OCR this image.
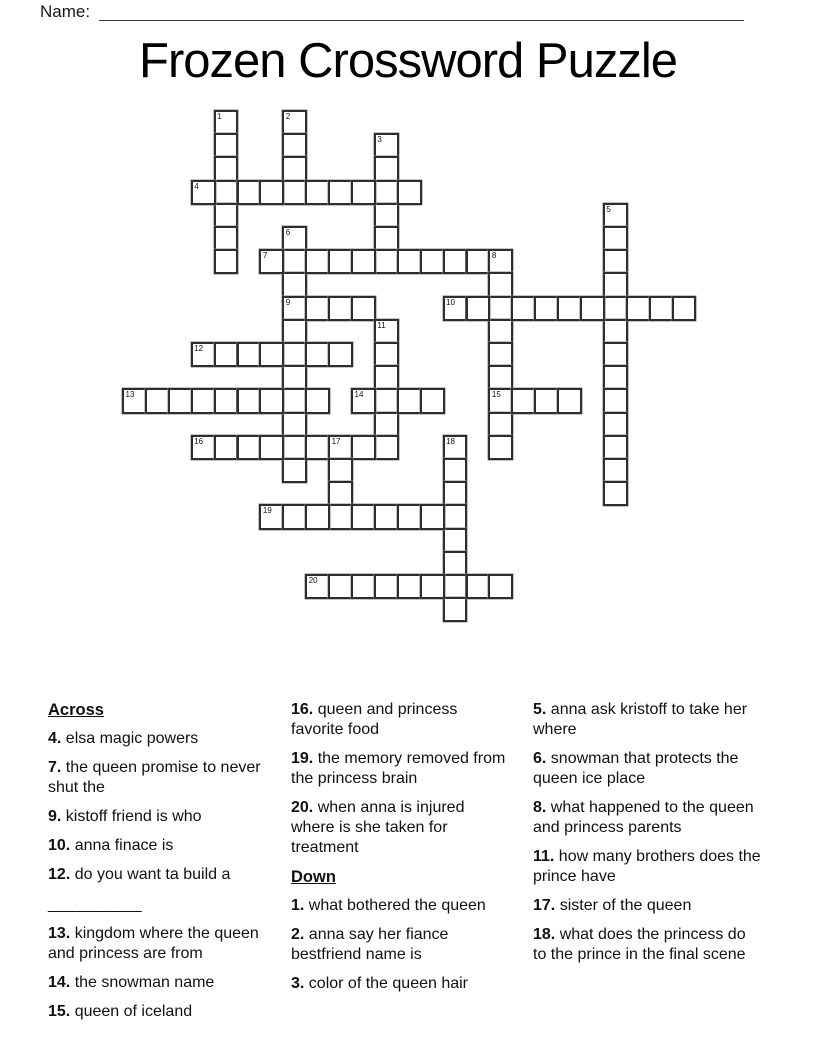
Name:
Frozen Crossword Puzzle
1	2
3
4
5
6
7	8
9	10
11
12
13	14	15
16	17	18
19
20
Across
4. elsa magic powers
7. the queen promise to never shut the
9. kistoff friend is who
10. anna finace is
12. do you want ta build a
__________
13. kingdom where the queen and princess are from
14. the snowman name
15. queen of iceland
16. queen and princess favorite food
19. the memory removed from the princess brain
20. when anna is injured where is she taken for treatment
Down
1. what bothered the queen
2. anna say her fiance bestfriend name is
3. color of the queen hair
5. anna ask kristoff to take her where
6. snowman that protects the queen ice place
8. what happened to the queen and princess parents
11. how many brothers does the prince have
17. sister of the queen
18. what does the princess do to the prince in the final scene
